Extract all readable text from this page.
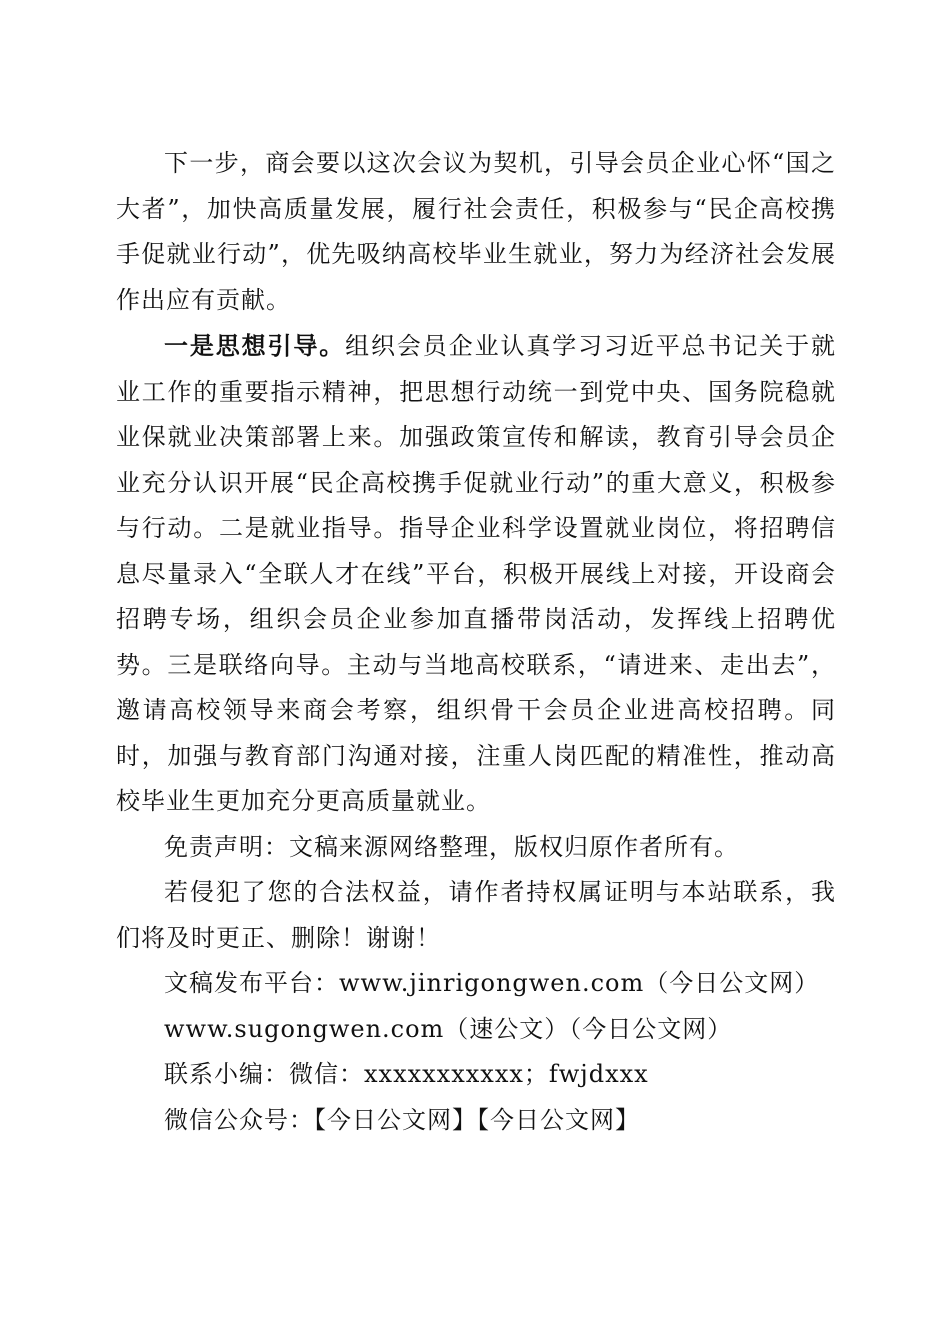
下一步，商会要以这次会议为契机，引导会员企业心怀“国之大者”，加快高质量发展，履行社会责任，积极参与“民企高校携手促就业行动”，优先吸纳高校毕业生就业，努力为经济社会发展作出应有贡献。

一是思想引导。组织会员企业认真学习习近平总书记关于就业工作的重要指示精神，把思想行动统一到党中央、国务院稳就业保就业决策部署上来。加强政策宣传和解读，教育引导会员企业充分认识开展“民企高校携手促就业行动”的重大意义，积极参与行动。二是就业指导。指导企业科学设置就业岗位，将招聘信息尽量录入“全联人才在线”平台，积极开展线上对接，开设商会招聘专场，组织会员企业参加直播带岗活动，发挥线上招聘优势。三是联络向导。主动与当地高校联系，“请进来、走出去”，邀请高校领导来商会考察，组织骨干会员企业进高校招聘。同时，加强与教育部门沟通对接，注重人岗匹配的精准性，推动高校毕业生更加充分更高质量就业。

免责声明：文稿来源网络整理，版权归原作者所有。

若侵犯了您的合法权益，请作者持权属证明与本站联系，我们将及时更正、删除！谢谢！

文稿发布平台：www.jinrigongwen.com（今日公文网）

www.sugongwen.com（速公文）（今日公文网）

联系小编：微信：xxxxxxxxxxx；fwjdxxx

微信公众号：【今日公文网】【今日公文网】
